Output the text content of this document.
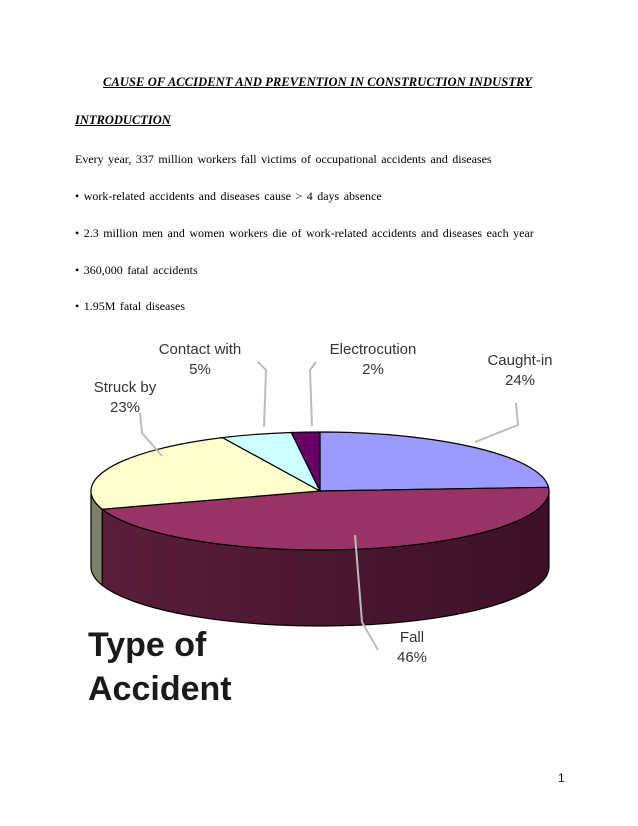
CAUSE OF ACCIDENT AND PREVENTION IN CONSTRUCTION INDUSTRY
INTRODUCTION
Every year, 337 million workers fall victims of occupational accidents and diseases
• work-related accidents and diseases cause > 4 days absence
• 2.3 million men and women workers die of work-related accidents and diseases each year
• 360,000 fatal accidents
• 1.95M fatal diseases
Caught-in
24%
Fall
46%
Struck by
23%
Contact with
5%
Electrocution
2%
Type of
Accident
1
